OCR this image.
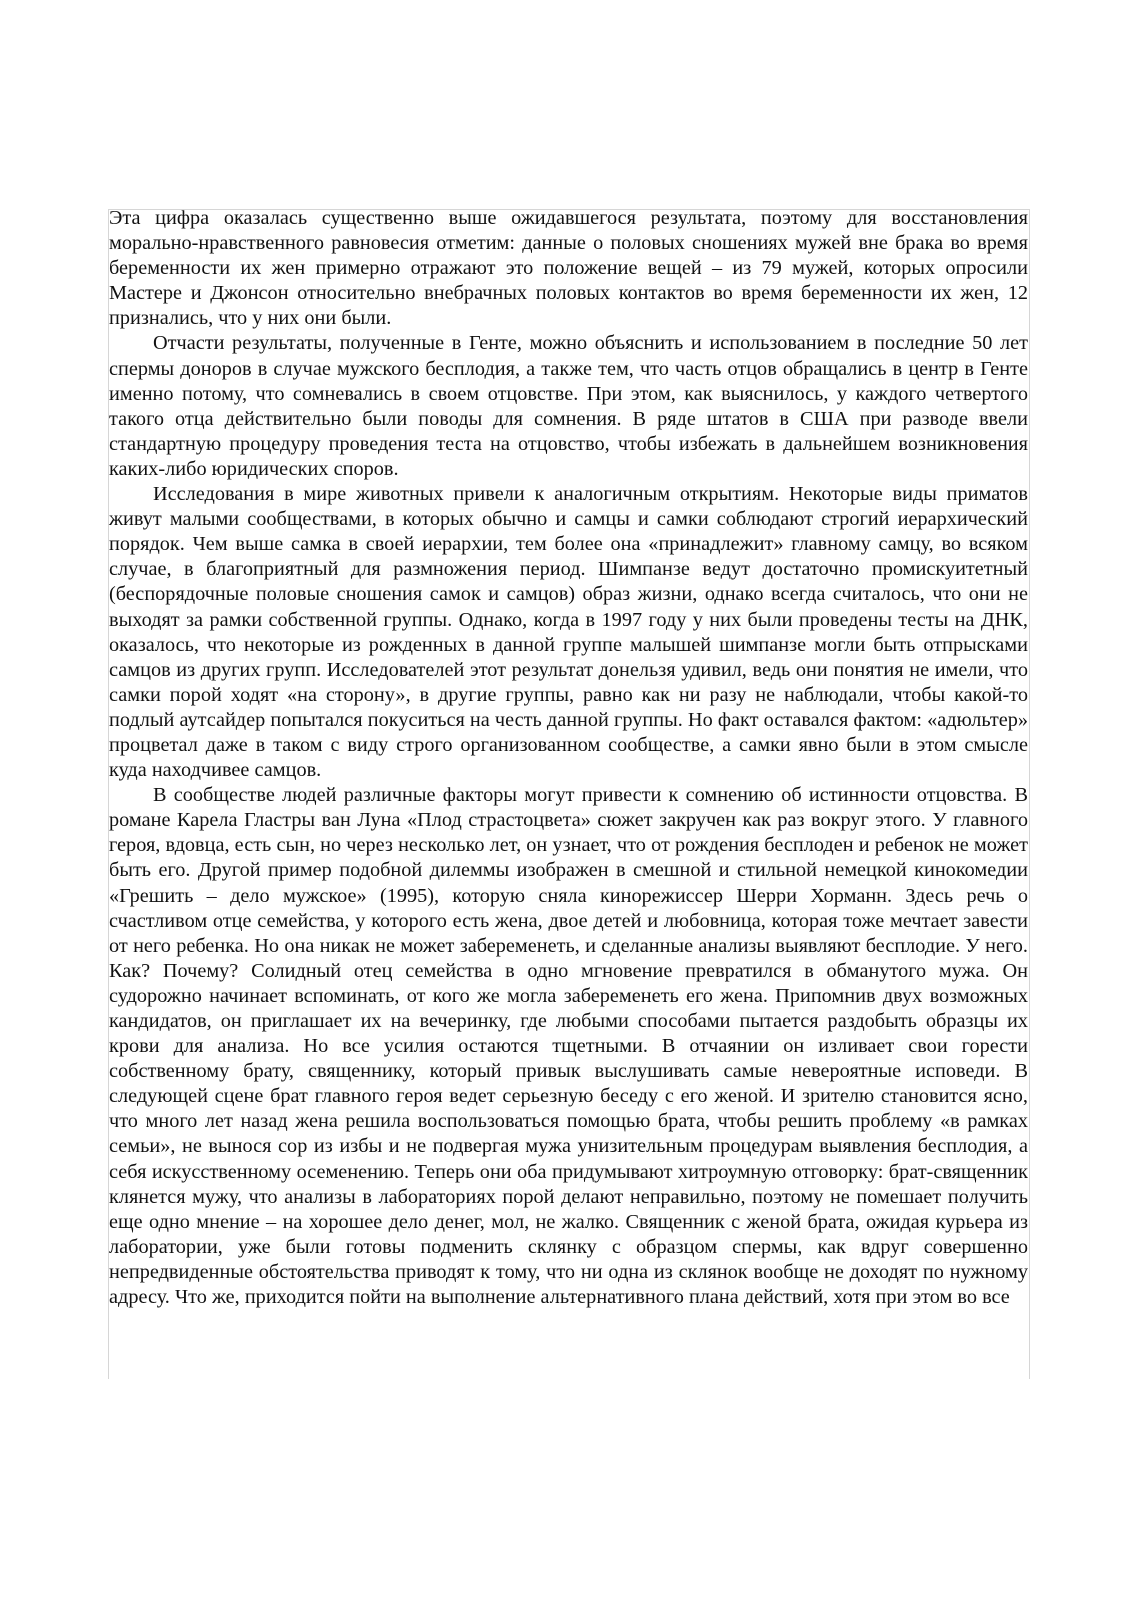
Эта цифра оказалась существенно выше ожидавшегося результата, поэтому для восстановления морально-нравственного равновесия отметим: данные о половых сношениях мужей вне брака во время беременности их жен примерно отражают это положение вещей – из 79 мужей, которых опросили Мастере и Джонсон относительно внебрачных половых контактов во время беременности их жен, 12 признались, что у них они были.

Отчасти результаты, полученные в Генте, можно объяснить и использованием в последние 50 лет спермы доноров в случае мужского бесплодия, а также тем, что часть отцов обращались в центр в Генте именно потому, что сомневались в своем отцовстве. При этом, как выяснилось, у каждого четвертого такого отца действительно были поводы для сомнения. В ряде штатов в США при разводе ввели стандартную процедуру проведения теста на отцовство, чтобы избежать в дальнейшем возникновения каких-либо юридических споров.

Исследования в мире животных привели к аналогичным открытиям. Некоторые виды приматов живут малыми сообществами, в которых обычно и самцы и самки соблюдают строгий иерархический порядок. Чем выше самка в своей иерархии, тем более она «принадлежит» главному самцу, во всяком случае, в благоприятный для размножения период. Шимпанзе ведут достаточно промискуитетный (беспорядочные половые сношения самок и самцов) образ жизни, однако всегда считалось, что они не выходят за рамки собственной группы. Однако, когда в 1997 году у них были проведены тесты на ДНК, оказалось, что некоторые из рожденных в данной группе малышей шимпанзе могли быть отпрысками самцов из других групп. Исследователей этот результат донельзя удивил, ведь они понятия не имели, что самки порой ходят «на сторону», в другие группы, равно как ни разу не наблюдали, чтобы какой-то подлый аутсайдер попытался покуситься на честь данной группы. Но факт оставался фактом: «адюльтер» процветал даже в таком с виду строго организованном сообществе, а самки явно были в этом смысле куда находчивее самцов.

В сообществе людей различные факторы могут привести к сомнению об истинности отцовства. В романе Карела Гластры ван Луна «Плод страстоцвета» сюжет закручен как раз вокруг этого. У главного героя, вдовца, есть сын, но через несколько лет, он узнает, что от рождения бесплоден и ребенок не может быть его. Другой пример подобной дилеммы изображен в смешной и стильной немецкой кинокомедии «Грешить – дело мужское» (1995), которую сняла кинорежиссер Шерри Хорманн. Здесь речь о счастливом отце семейства, у которого есть жена, двое детей и любовница, которая тоже мечтает завести от него ребенка. Но она никак не может забеременеть, и сделанные анализы выявляют бесплодие. У него. Как? Почему? Солидный отец семейства в одно мгновение превратился в обманутого мужа. Он судорожно начинает вспоминать, от кого же могла забеременеть его жена. Припомнив двух возможных кандидатов, он приглашает их на вечеринку, где любыми способами пытается раздобыть образцы их крови для анализа. Но все усилия остаются тщетными. В отчаянии он изливает свои горести собственному брату, священнику, который привык выслушивать самые невероятные исповеди. В следующей сцене брат главного героя ведет серьезную беседу с его женой. И зрителю становится ясно, что много лет назад жена решила воспользоваться помощью брата, чтобы решить проблему «в рамках семьи», не вынося сор из избы и не подвергая мужа унизительным процедурам выявления бесплодия, а себя искусственному осеменению. Теперь они оба придумывают хитроумную отговорку: брат-священник клянется мужу, что анализы в лабораториях порой делают неправильно, поэтому не помешает получить еще одно мнение – на хорошее дело денег, мол, не жалко. Священник с женой брата, ожидая курьера из лаборатории, уже были готовы подменить склянку с образцом спермы, как вдруг совершенно непредвиденные обстоятельства приводят к тому, что ни одна из склянок вообще не доходят по нужному адресу. Что же, приходится пойти на выполнение альтернативного плана действий, хотя при этом во все
